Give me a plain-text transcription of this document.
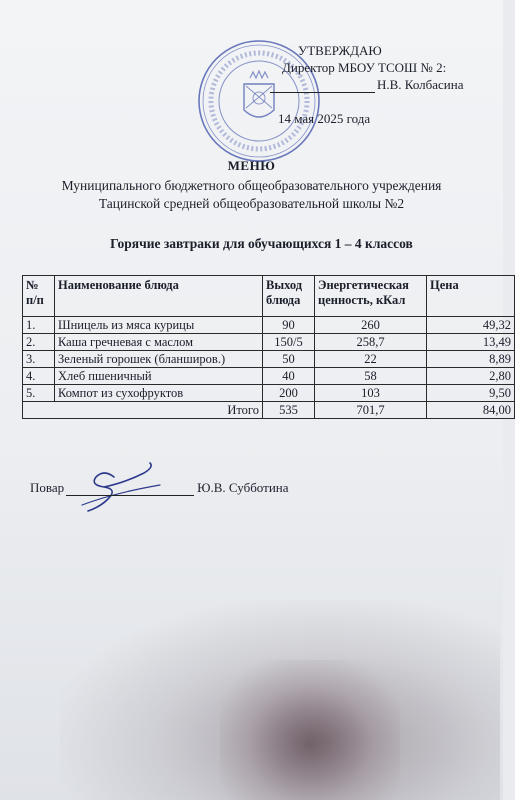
УТВЕРЖДАЮ
Директор МБОУ ТСОШ № 2:
Н.В. Колбасина
14 мая 2025 года
МЕНЮ
Муниципального бюджетного общеобразовательного учреждения
Тацинской средней общеобразовательной школы №2
Горячие завтраки для обучающихся 1 – 4 классов
№ п/п	Наименование блюда	Выход блюда	Энергетическая ценность, кКал	Цена
1.	Шницель из мяса курицы	90	260	49,32
2.	Каша гречневая с маслом	150/5	258,7	13,49
3.	Зеленый горошек (бланширов.)	50	22	8,89
4.	Хлеб пшеничный	40	58	2,80
5.	Компот из сухофруктов	200	103	9,50
Итого		535	701,7	84,00
Повар	Ю.В. Субботина
